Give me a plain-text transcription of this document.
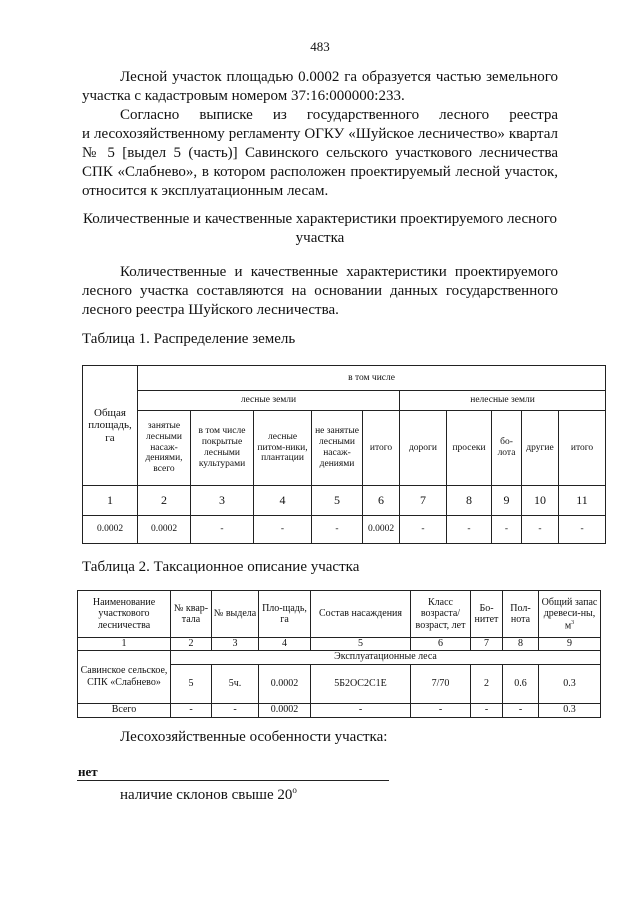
483
Лесной участок площадью 0.0002 га образуется частью земельного
участка с кадастровым номером 37:16:000000:233.
Согласно выписке из государственного лесного реестра
и лесохозяйственному регламенту ОГКУ «Шуйское лесничество» квартал
№ 5 [выдел 5 (часть)] Савинского сельского участкового лесничества
СПК «Слабнево», в котором расположен проектируемый лесной участок,
относится к эксплуатационным лесам.
Количественные и качественные характеристики проектируемого лесного
участка
Количественные и качественные характеристики проектируемого
лесного участка составляются на основании данных государственного
лесного реестра Шуйского лесничества.
Таблица 1. Распределение земель
Общая площадь, га	в том числе									
	лесные земли					нелесные земли				
	занятые лесными насаж-дениями, всего	в том числе покрытые лесными культурами	лесные питом-ники, плантации	не занятые лесными насаж-дениями	итого	дороги	просеки	бо-лота	другие	итого
1	2	3	4	5	6	7	8	9	10	11
0.0002	0.0002	-	-	-	0.0002	-	-	-	-	-
Таблица 2. Таксационное описание участка
Наименование участкового лесничества	№ квар-тала	№ выдела	Пло-щадь, га	Состав насаждения	Класс возраста/ возраст, лет	Бо-нитет	Пол-нота	Общий запас древеси-ны, $м^3$
1	2	3	4	5	6	7	8	9
Савинское сельское, СПК «Слабнево»	Эксплуатационные леса							
	5	5ч.	0.0002	5Б2ОС2С1Е	7/70	2	0.6	0.3
Всего	-	-	0.0002	-	-	-	-	0.3
Лесохозяйственные особенности участка:
нет
наличие склонов свыше $20^о$
